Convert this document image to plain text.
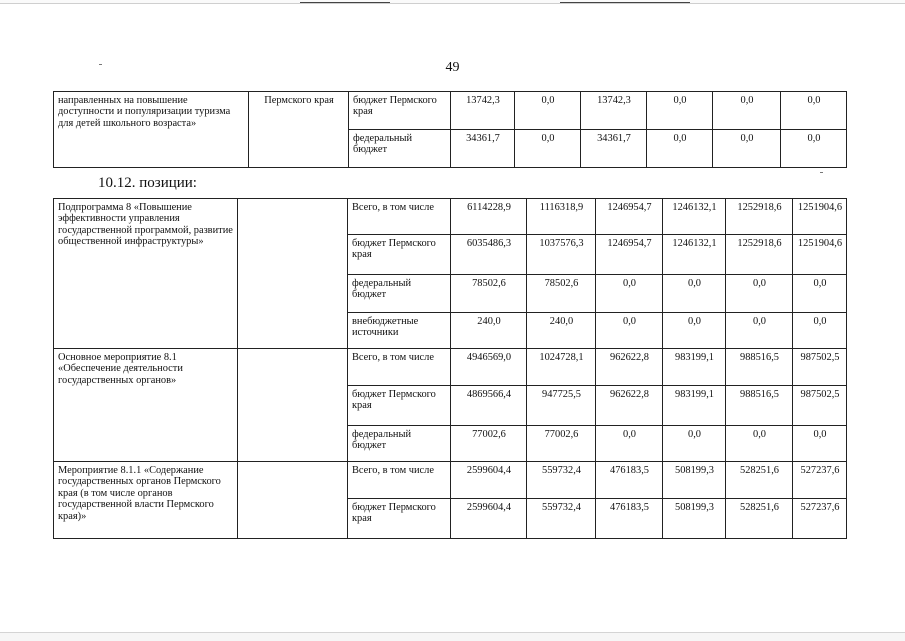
49
направленных на повышение доступности и популяризации туризма для детей школьного возраста»	Пермского края	бюджет Пермского края	13742,3	0,0	13742,3	0,0	0,0	0,0
		федеральный бюджет	34361,7	0,0	34361,7	0,0	0,0	0,0
10.12. позиции:
Подпрограмма 8 «Повышение эффективности управления государственной программой, развитие общественной инфраструктуры»		Всего, в том числе	6114228,9	1116318,9	1246954,7	1246132,1	1252918,6	1251904,6
		бюджет Пермского края	6035486,3	1037576,3	1246954,7	1246132,1	1252918,6	1251904,6
		федеральный бюджет	78502,6	78502,6	0,0	0,0	0,0	0,0
		внебюджетные источники	240,0	240,0	0,0	0,0	0,0	0,0
Основное мероприятие 8.1 «Обеспечение деятельности государственных органов»		Всего, в том числе	4946569,0	1024728,1	962622,8	983199,1	988516,5	987502,5
		бюджет Пермского края	4869566,4	947725,5	962622,8	983199,1	988516,5	987502,5
		федеральный бюджет	77002,6	77002,6	0,0	0,0	0,0	0,0
Мероприятие 8.1.1 «Содержание государственных органов Пермского края (в том числе органов государственной власти Пермского края)»		Всего, в том числе	2599604,4	559732,4	476183,5	508199,3	528251,6	527237,6
		бюджет Пермского края	2599604,4	559732,4	476183,5	508199,3	528251,6	527237,6
